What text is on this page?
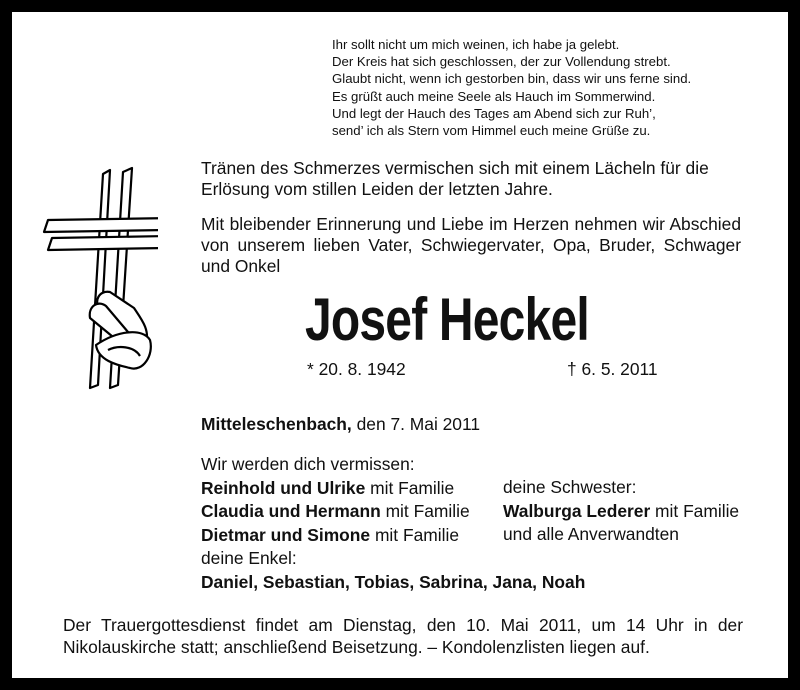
Ihr sollt nicht um mich weinen, ich habe ja gelebt.
Der Kreis hat sich geschlossen, der zur Vollendung strebt.
Glaubt nicht, wenn ich gestorben bin, dass wir uns ferne sind.
Es grüßt auch meine Seele als Hauch im Sommerwind.
Und legt der Hauch des Tages am Abend sich zur Ruh’,
send’ ich als Stern vom Himmel euch meine Grüße zu.
Tränen des Schmerzes vermischen sich mit einem Lächeln für die Erlösung vom stillen Leiden der letzten Jahre.
Mit bleibender Erinnerung und Liebe im Herzen nehmen wir Abschied von unserem lieben Vater, Schwiegervater, Opa, Bruder, Schwager und Onkel
Josef Heckel
* 20. 8. 1942	† 6. 5. 2011
Mitteleschenbach, den 7. Mai 2011
Wir werden dich vermissen:
Reinhold und Ulrike mit Familie
Claudia und Hermann mit Familie
Dietmar und Simone mit Familie
deine Enkel:
Daniel, Sebastian, Tobias, Sabrina, Jana, Noah
deine Schwester:
Walburga Lederer mit Familie
und alle Anverwandten
Der Trauergottesdienst findet am Dienstag, den 10. Mai 2011, um 14 Uhr in der Nikolauskirche statt; anschließend Beisetzung. – Kondolenzlisten liegen auf.
